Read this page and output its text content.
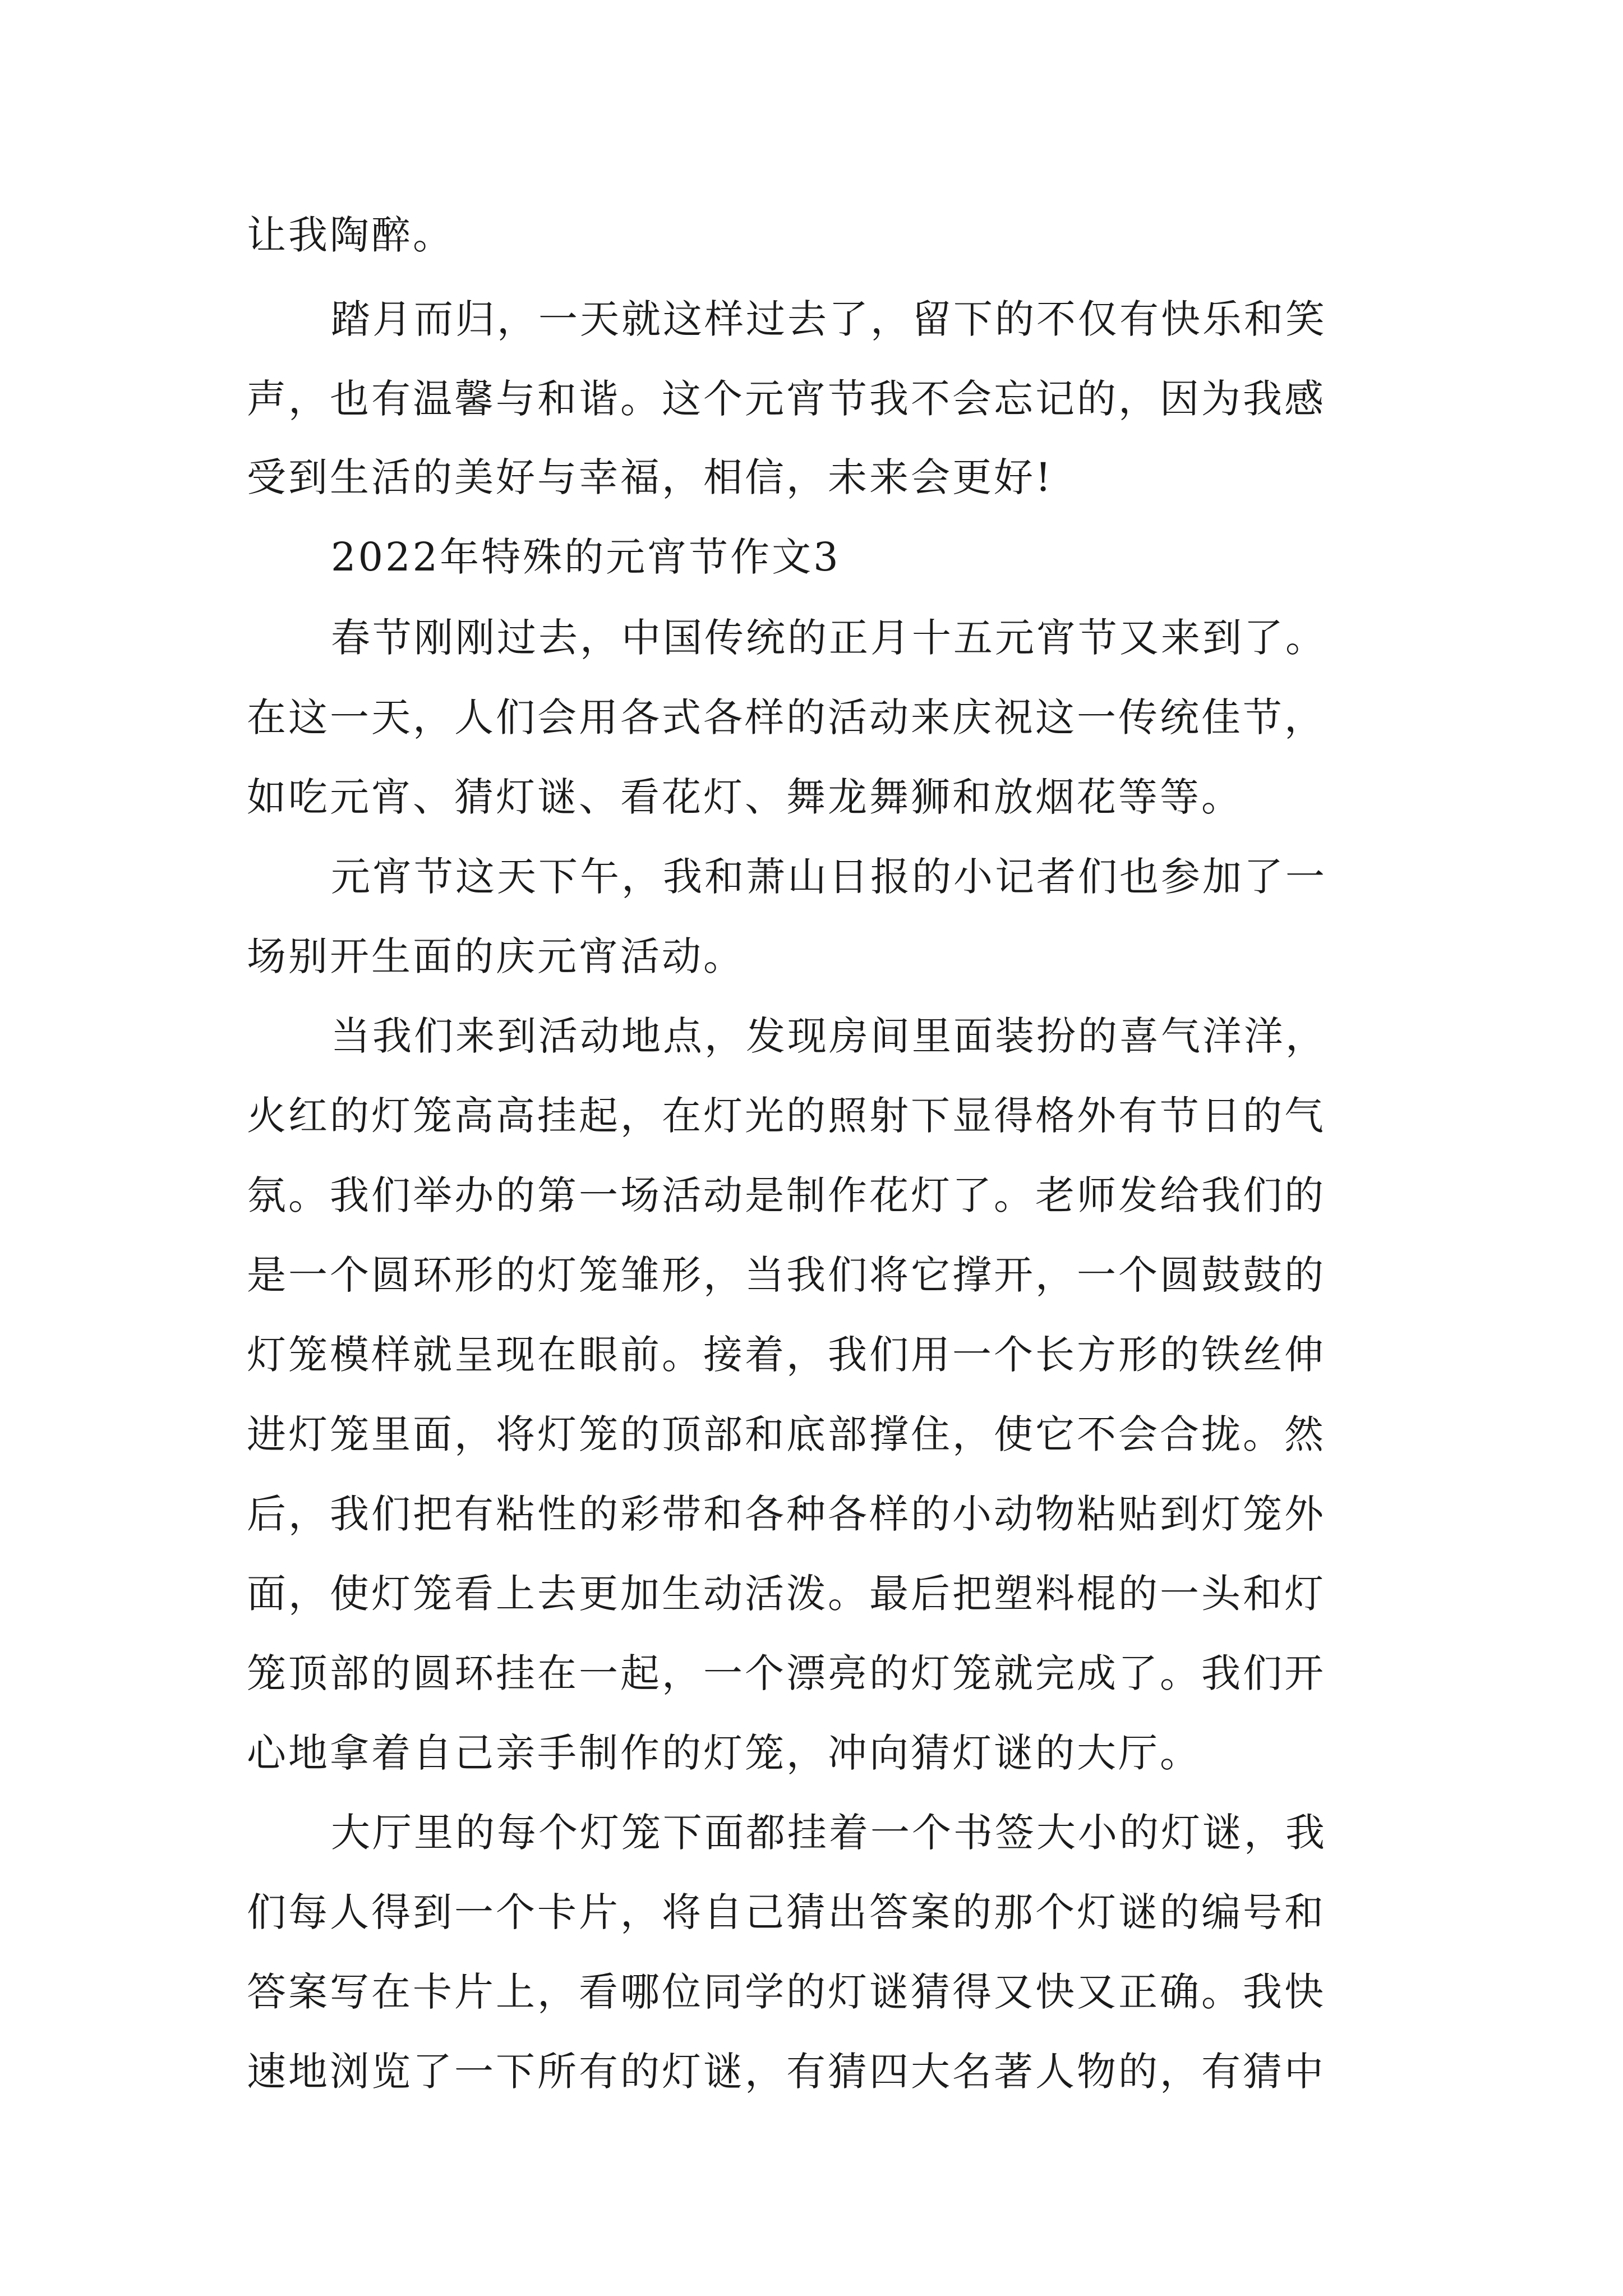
让我陶醉。
踏月而归，一天就这样过去了，留下的不仅有快乐和笑
声，也有温馨与和谐。这个元宵节我不会忘记的，因为我感
受到生活的美好与幸福，相信，未来会更好!
2022年特殊的元宵节作文3
春节刚刚过去，中国传统的正月十五元宵节又来到了。
在这一天，人们会用各式各样的活动来庆祝这一传统佳节，
如吃元宵、猜灯谜、看花灯、舞龙舞狮和放烟花等等。
元宵节这天下午，我和萧山日报的小记者们也参加了一
场别开生面的庆元宵活动。
当我们来到活动地点，发现房间里面装扮的喜气洋洋，
火红的灯笼高高挂起，在灯光的照射下显得格外有节日的气
氛。我们举办的第一场活动是制作花灯了。老师发给我们的
是一个圆环形的灯笼雏形，当我们将它撑开，一个圆鼓鼓的
灯笼模样就呈现在眼前。接着，我们用一个长方形的铁丝伸
进灯笼里面，将灯笼的顶部和底部撑住，使它不会合拢。然
后，我们把有粘性的彩带和各种各样的小动物粘贴到灯笼外
面，使灯笼看上去更加生动活泼。最后把塑料棍的一头和灯
笼顶部的圆环挂在一起，一个漂亮的灯笼就完成了。我们开
心地拿着自己亲手制作的灯笼，冲向猜灯谜的大厅。
大厅里的每个灯笼下面都挂着一个书签大小的灯谜，我
们每人得到一个卡片，将自己猜出答案的那个灯谜的编号和
答案写在卡片上，看哪位同学的灯谜猜得又快又正确。我快
速地浏览了一下所有的灯谜，有猜四大名著人物的，有猜中
